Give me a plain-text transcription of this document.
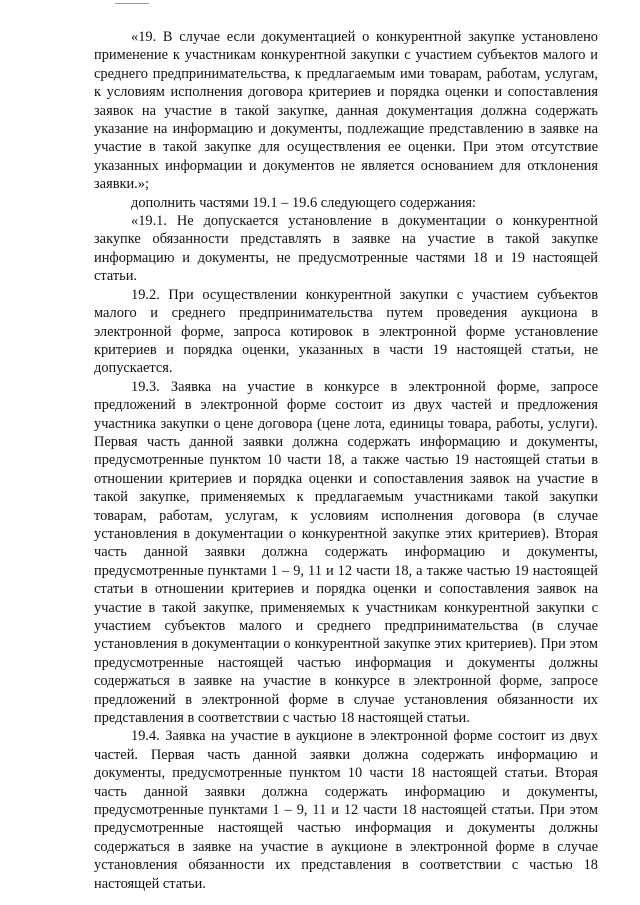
«19. В случае если документацией о конкурентной закупке установлено применение к участникам конкурентной закупки с участием субъектов малого и среднего предпринимательства, к предлагаемым ими товарам, работам, услугам, к условиям исполнения договора критериев и порядка оценки и сопоставления заявок на участие в такой закупке, данная документация должна содержать указание на информацию и документы, подлежащие представлению в заявке на участие в такой закупке для осуществления ее оценки. При этом отсутствие указанных информации и документов не является основанием для отклонения заявки.»;

дополнить частями 19.1 – 19.6 следующего содержания:

«19.1. Не допускается установление в документации о конкурентной закупке обязанности представлять в заявке на участие в такой закупке информацию и документы, не предусмотренные частями 18 и 19 настоящей статьи.

19.2. При осуществлении конкурентной закупки с участием субъектов малого и среднего предпринимательства путем проведения аукциона в электронной форме, запроса котировок в электронной форме установление критериев и порядка оценки, указанных в части 19 настоящей статьи, не допускается.

19.3. Заявка на участие в конкурсе в электронной форме, запросе предложений в электронной форме состоит из двух частей и предложения участника закупки о цене договора (цене лота, единицы товара, работы, услуги). Первая часть данной заявки должна содержать информацию и документы, предусмотренные пунктом 10 части 18, а также частью 19 настоящей статьи в отношении критериев и порядка оценки и сопоставления заявок на участие в такой закупке, применяемых к предлагаемым участниками такой закупки товарам, работам, услугам, к условиям исполнения договора (в случае установления в документации о конкурентной закупке этих критериев). Вторая часть данной заявки должна содержать информацию и документы, предусмотренные пунктами 1 – 9, 11 и 12 части 18, а также частью 19 настоящей статьи в отношении критериев и порядка оценки и сопоставления заявок на участие в такой закупке, применяемых к участникам конкурентной закупки с участием субъектов малого и среднего предпринимательства (в случае установления в документации о конкурентной закупке этих критериев). При этом предусмотренные настоящей частью информация и документы должны содержаться в заявке на участие в конкурсе в электронной форме, запросе предложений в электронной форме в случае установления обязанности их представления в соответствии с частью 18 настоящей статьи.

19.4. Заявка на участие в аукционе в электронной форме состоит из двух частей. Первая часть данной заявки должна содержать информацию и документы, предусмотренные пунктом 10 части 18 настоящей статьи. Вторая часть данной заявки должна содержать информацию и документы, предусмотренные пунктами 1 – 9, 11 и 12 части 18 настоящей статьи. При этом предусмотренные настоящей частью информация и документы должны содержаться в заявке на участие в аукционе в электронной форме в случае установления обязанности их представления в соответствии с частью 18 настоящей статьи.
